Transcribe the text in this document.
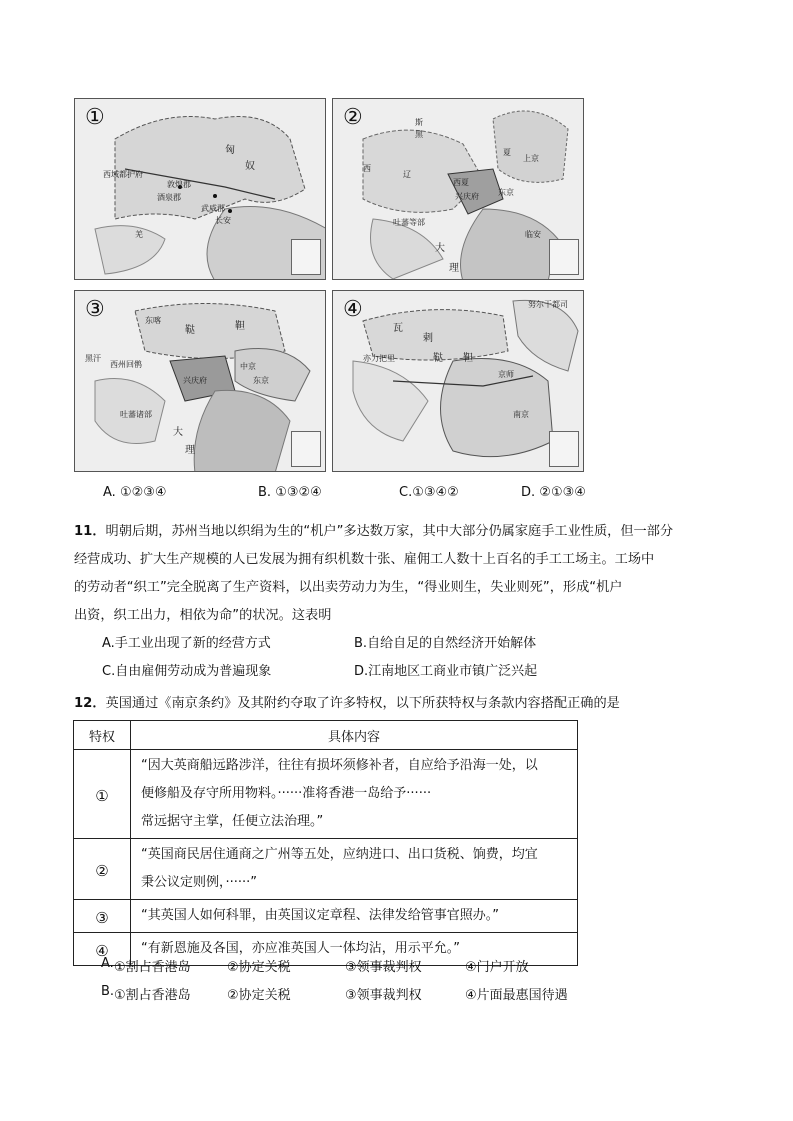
①
匈
奴
西域都护府
敦煌郡
酒泉郡
武威郡
长安
羌
②	斯
黑
西
辽
夏
西夏
兴庆府
吐蕃等部
大
理
东京
上京
临安
③	东喀
鞑	靼
西州回鹘
兴庆府
中京
黑汗
吐蕃诸部
大
理
东京
④
瓦
剌
鞑 靼
亦力把里
京师
努尔干都司
南京
A. ①②③④	B. ①③②④	C.①③④②	D. ②①③④
11．明朝后期，苏州当地以织绢为生的“机户”多达数万家，其中大部分仍属家庭手工业性质，但一部分
经营成功、扩大生产规模的人已发展为拥有织机数十张、雇佣工人数十上百名的手工工场主。工场中
的劳动者“织工”完全脱离了生产资料，以出卖劳动力为生，“得业则生，失业则死”，形成“机户
出资，织工出力，相依为命”的状况。这表明
A.手工业出现了新的经营方式	B.自给自足的自然经济开始解体
C.自由雇佣劳动成为普遍现象	D.江南地区工商业市镇广泛兴起
12．英国通过《南京条约》及其附约夺取了许多特权，以下所获特权与条款内容搭配正确的是
特权	具体内容
①	“因大英商船远路涉洋，往往有损坏须修补者，自应给予沿海一处，以
便修船及存守所用物料。······准将香港一岛给予······
常远据守主掌，任便立法治理。”

②	“英国商民居住通商之广州等五处，应纳进口、出口货税、饷费，均宜
秉公议定则例，······”

③	“其英国人如何科罪，由英国议定章程、法律发给管事官照办。”

④	“有新恩施及各国，亦应准英国人一体均沾，用示平允。”
A. ①割占香港岛	②协定关税	③领事裁判权	④门户开放
B. ①割占香港岛	②协定关税	③领事裁判权	④片面最惠国待遇
